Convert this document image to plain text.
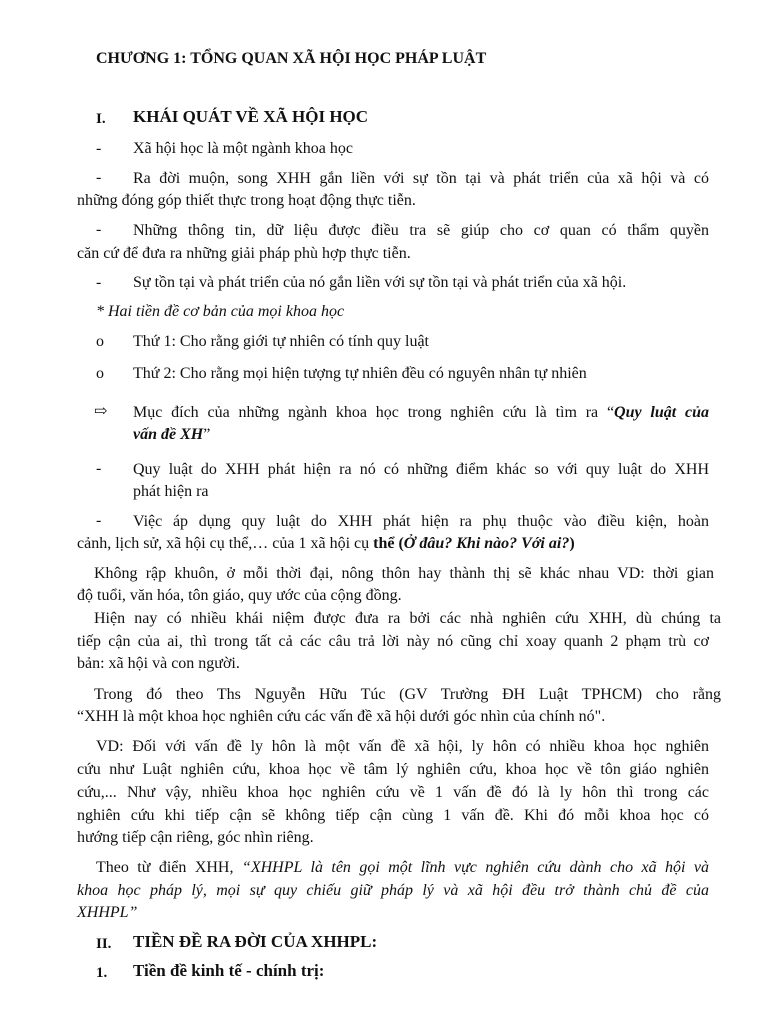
CHƯƠNG 1: TỔNG QUAN XÃ HỘI HỌC PHÁP LUẬT
I. KHÁI QUÁT VỀ XÃ HỘI HỌC
- Xã hội học là một ngành khoa học
- Ra đời muộn, song XHH gắn liền với sự tồn tại và phát triển của xã hội và có
những đóng góp thiết thực trong hoạt động thực tiễn.
- Những thông tin, dữ liệu được điều tra sẽ giúp cho cơ quan có thẩm quyền
căn cứ để đưa ra những giải pháp phù hợp thực tiễn.
- Sự tồn tại và phát triển của nó gắn liền với sự tồn tại và phát triển của xã hội.
* Hai tiền đề cơ bản của mọi khoa học
o Thứ 1: Cho rằng giới tự nhiên có tính quy luật
o Thứ 2: Cho rằng mọi hiện tượng tự nhiên đều có nguyên nhân tự nhiên
⇨ Mục đích của những ngành khoa học trong nghiên cứu là tìm ra “Quy luật của
vấn đề XH”
- Quy luật do XHH phát hiện ra nó có những điểm khác so với quy luật do XHH
phát hiện ra
- Việc áp dụng quy luật do XHH phát hiện ra phụ thuộc vào điều kiện, hoàn
cảnh, lịch sử, xã hội cụ thể,… của 1 xã hội cụ thể (Ở đâu? Khi nào? Với ai?)
Không rập khuôn, ở mỗi thời đại, nông thôn hay thành thị sẽ khác nhau VD: thời gian
độ tuổi, văn hóa, tôn giáo, quy ước của cộng đồng.
Hiện nay có nhiều khái niệm được đưa ra bởi các nhà nghiên cứu XHH, dù chúng ta
tiếp cận của ai, thì trong tất cả các câu trả lời này nó cũng chỉ xoay quanh 2 phạm trù cơ
bản: xã hội và con người.
Trong đó theo Ths Nguyễn Hữu Túc (GV Trường ĐH Luật TPHCM) cho rằng
“XHH là một khoa học nghiên cứu các vấn đề xã hội dưới góc nhìn của chính nó".
VD: Đối với vấn đề ly hôn là một vấn đề xã hội, ly hôn có nhiều khoa học nghiên
cứu như Luật nghiên cứu, khoa học về tâm lý nghiên cứu, khoa học về tôn giáo nghiên
cứu,... Như vậy, nhiều khoa học nghiên cứu về 1 vấn đề đó là ly hôn thì trong các
nghiên cứu khi tiếp cận sẽ không tiếp cận cùng 1 vấn đề. Khi đó mỗi khoa học có
hướng tiếp cận riêng, góc nhìn riêng.
Theo từ điển XHH, “XHHPL là tên gọi một lĩnh vực nghiên cứu dành cho xã hội và
khoa học pháp lý, mọi sự quy chiếu giữ pháp lý và xã hội đều trở thành chủ đề của
XHHPL”
II. TIỀN ĐỀ RA ĐỜI CỦA XHHPL:
1. Tiền đề kinh tế - chính trị:
